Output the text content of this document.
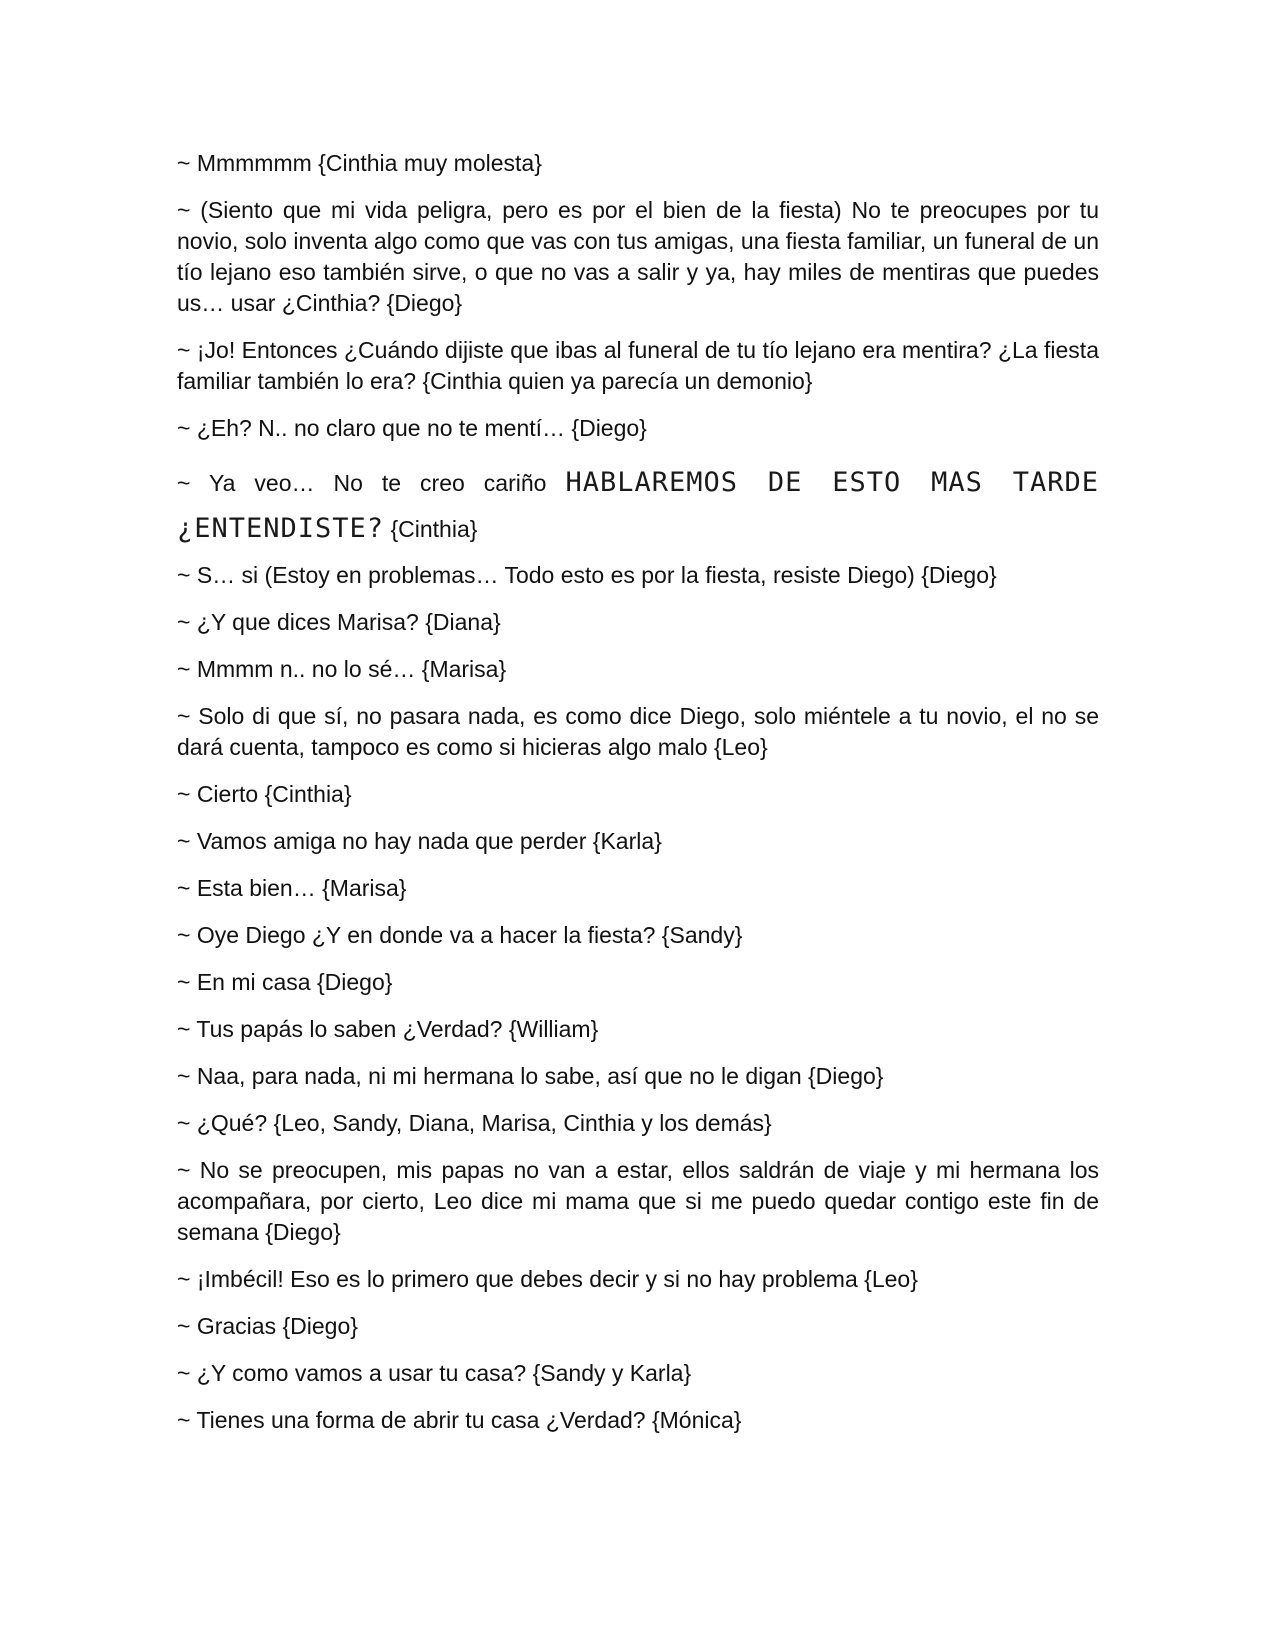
~ Mmmmmm {Cinthia muy molesta}

~ (Siento que mi vida peligra, pero es por el bien de la fiesta) No te preocupes por tu novio, solo inventa algo como que vas con tus amigas, una fiesta familiar, un funeral de un tío lejano eso también sirve, o que no vas a salir y ya, hay miles de mentiras que puedes us… usar ¿Cinthia? {Diego}

~ ¡Jo! Entonces ¿Cuándo dijiste que ibas al funeral de tu tío lejano era mentira? ¿La fiesta familiar también lo era? {Cinthia quien ya parecía un demonio}

~ ¿Eh? N.. no claro que no te mentí… {Diego}

~ Ya veo… No te creo cariño HABLAREMOS DE ESTO MAS TARDE ¿ENTENDISTE? {Cinthia}

~ S… si (Estoy en problemas… Todo esto es por la fiesta, resiste Diego) {Diego}

~ ¿Y que dices Marisa? {Diana}

~ Mmmm n.. no lo sé… {Marisa}

~ Solo di que sí, no pasara nada, es como dice Diego, solo miéntele a tu novio, el no se dará cuenta, tampoco es como si hicieras algo malo {Leo}

~ Cierto {Cinthia}

~ Vamos amiga no hay nada que perder {Karla}

~ Esta bien… {Marisa}

~ Oye Diego ¿Y en donde va a hacer la fiesta? {Sandy}

~ En mi casa {Diego}

~ Tus papás lo saben ¿Verdad? {William}

~ Naa, para nada, ni mi hermana lo sabe, así que no le digan {Diego}

~ ¿Qué? {Leo, Sandy, Diana, Marisa, Cinthia y los demás}

~ No se preocupen, mis papas no van a estar, ellos saldrán de viaje y mi hermana los acompañara, por cierto, Leo dice mi mama que si me puedo quedar contigo este fin de semana {Diego}

~ ¡Imbécil! Eso es lo primero que debes decir y si no hay problema {Leo}

~ Gracias {Diego}

~ ¿Y como vamos a usar tu casa? {Sandy y Karla}

~ Tienes una forma de abrir tu casa ¿Verdad? {Mónica}
